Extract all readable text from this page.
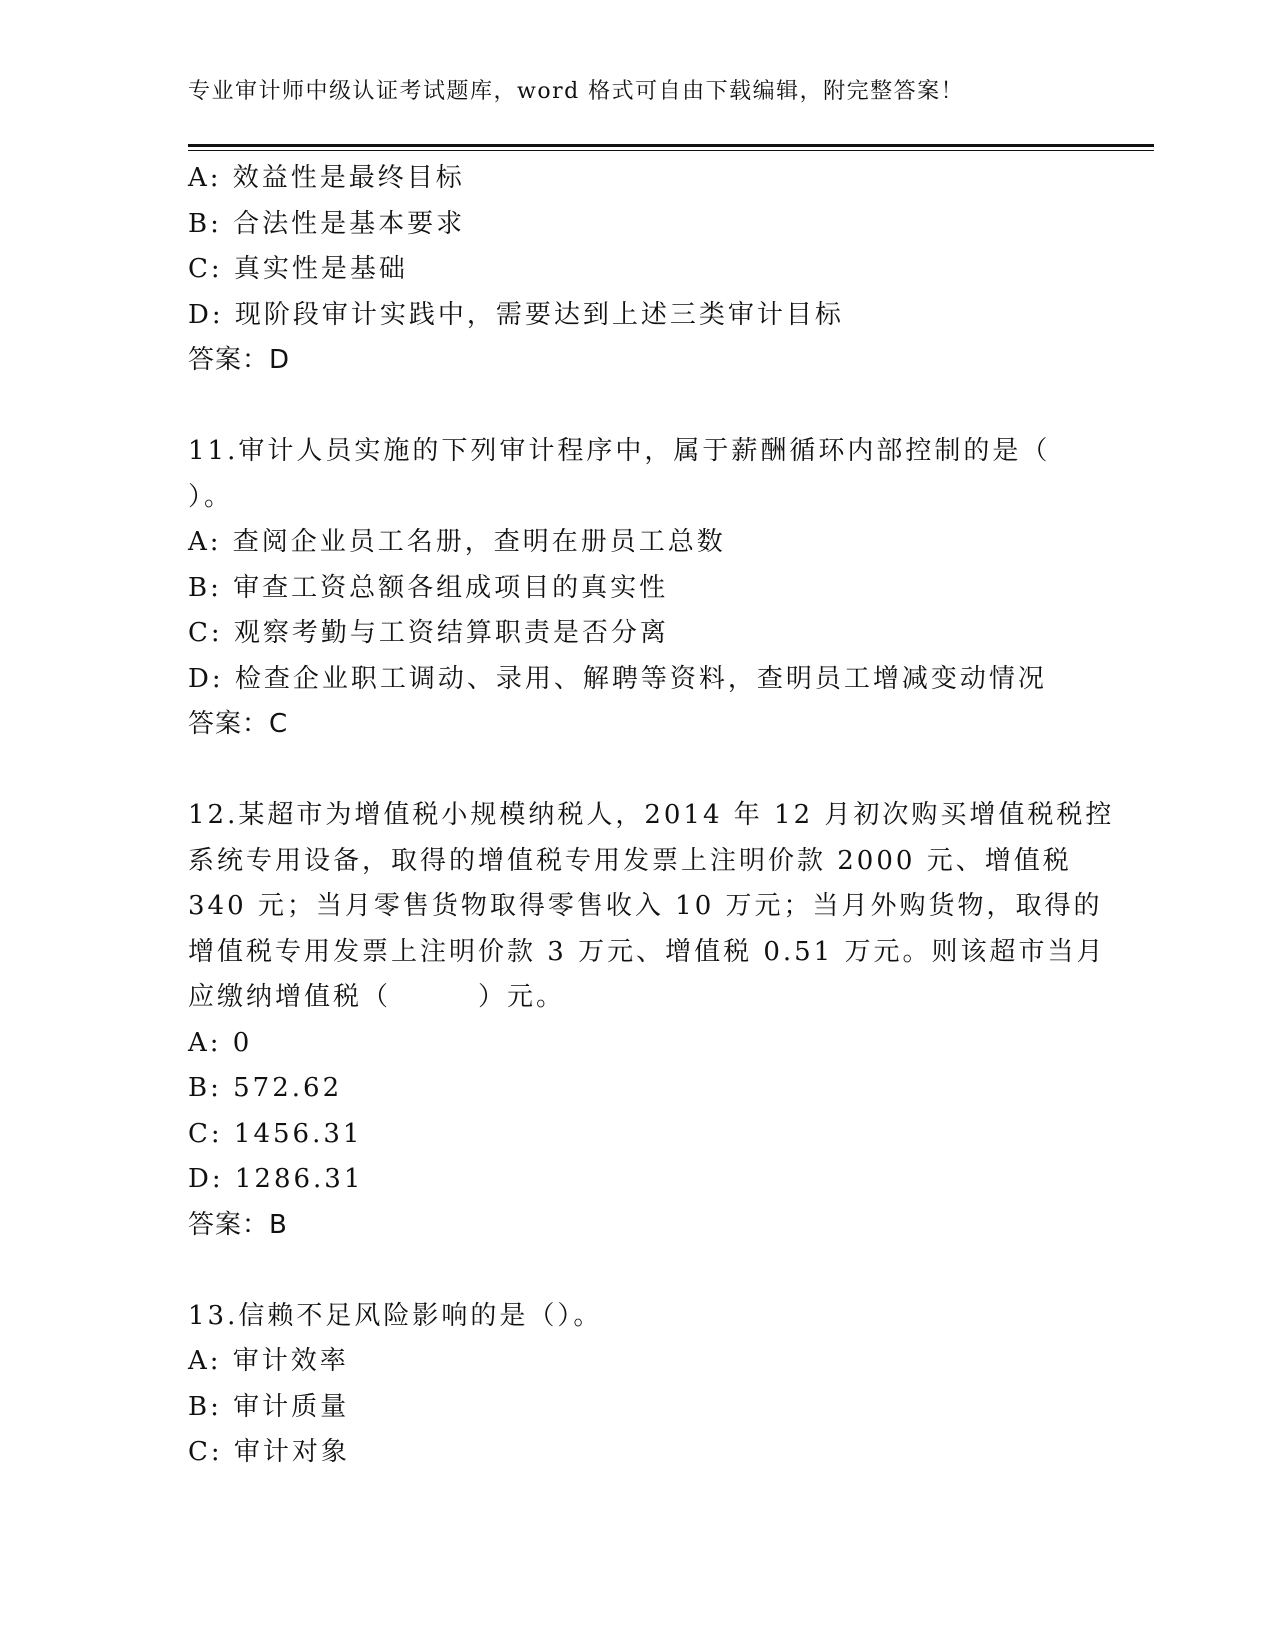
专业审计师中级认证考试题库，word 格式可自由下载编辑，附完整答案！
A: 效益性是最终目标
B: 合法性是基本要求
C: 真实性是基础
D: 现阶段审计实践中，需要达到上述三类审计目标
答案：D
11.审计人员实施的下列审计程序中，属于薪酬循环内部控制的是（
）。
A: 查阅企业员工名册，查明在册员工总数
B: 审查工资总额各组成项目的真实性
C: 观察考勤与工资结算职责是否分离
D: 检查企业职工调动、录用、解聘等资料，查明员工增减变动情况
答案：C
12.某超市为增值税小规模纳税人，2014 年 12 月初次购买增值税税控
系统专用设备，取得的增值税专用发票上注明价款 2000 元、增值税
340 元；当月零售货物取得零售收入 10 万元；当月外购货物，取得的
增值税专用发票上注明价款 3 万元、增值税 0.51 万元。则该超市当月
应缴纳增值税（　　　）元。
A: 0
B: 572.62
C: 1456.31
D: 1286.31
答案：B
13.信赖不足风险影响的是（）。
A: 审计效率
B: 审计质量
C: 审计对象
